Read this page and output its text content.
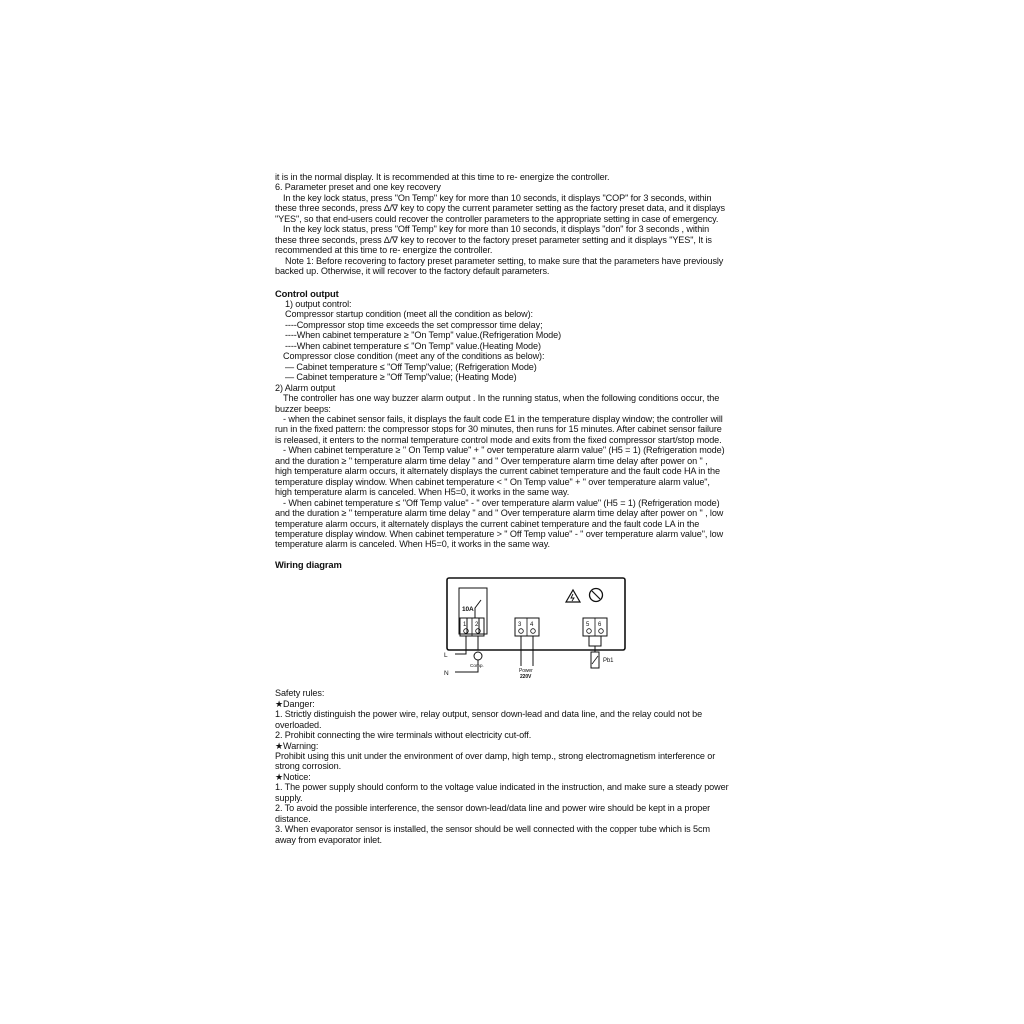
it is in the normal display. It is recommended at this time to re- energize the controller.

6. Parameter preset and one key recovery

In the key lock status, press "On Temp" key for more than 10 seconds, it displays "COP" for 3 seconds, within

these three seconds, press ∆/∇ key to copy the current parameter setting as the factory preset data, and it displays

"YES", so that end-users could recover the controller parameters to the appropriate setting in case of emergency.

In the key lock status, press "Off Temp" key for more than 10 seconds, it displays "don" for 3 seconds , within

these three seconds, press ∆/∇ key to recover to the factory preset parameter setting and it displays "YES", It is

recommended at this time to re- energize the controller.

Note 1: Before recovering to factory preset parameter setting, to make sure that the parameters have previously

backed up. Otherwise, it will recover to the factory default parameters.

Control output

1) output control:

Compressor startup condition (meet all the condition as below):

----Compressor stop time exceeds the set compressor time delay;

----When cabinet temperature ≥ "On Temp" value.(Refrigeration Mode)

----When cabinet temperature ≤ "On Temp" value.(Heating Mode)

Compressor close condition (meet any of the conditions as below):

— Cabinet temperature ≤ "Off Temp"value; (Refrigeration Mode)

— Cabinet temperature ≥ "Off Temp"value; (Heating Mode)

2) Alarm output

The controller has one way buzzer alarm output . In the running status, when the following conditions occur, the

buzzer beeps:

- when the cabinet sensor fails, it displays the fault code E1 in the temperature display window; the controller will

run in the fixed pattern: the compressor stops for 30 minutes, then runs for 15 minutes. After cabinet sensor failure

is released, it enters to the normal temperature control mode and exits from the fixed compressor start/stop mode.

- When cabinet temperature ≥ " On Temp value" + " over temperature alarm value" (H5 = 1) (Refrigeration mode)

and the duration ≥ " temperature alarm time delay " and " Over temperature alarm time delay after power on " ,

high temperature alarm occurs, it alternately displays the current cabinet temperature and the fault code HA in the

temperature display window. When cabinet temperature < " On Temp value" + " over temperature alarm value",

high temperature alarm is canceled. When H5=0, it works in the same way.

- When cabinet temperature ≤ "Off Temp value" - " over temperature alarm value" (H5 = 1) (Refrigeration mode)

and the duration ≥ " temperature alarm time delay " and " Over temperature alarm time delay after power on " , low

temperature alarm occurs, it alternately displays the current cabinet temperature and the fault code LA in the

temperature display window. When cabinet temperature > " Off Temp value" - " over temperature alarm value", low

temperature alarm is canceled. When H5=0, it works in the same way.

Wiring diagram

10A
1 2	3 4	5 6
L
N
Comp.
Power
220V
Pb1

Safety rules:

★Danger:

1. Strictly distinguish the power wire, relay output, sensor down-lead and data line, and the relay could not be

overloaded.

2. Prohibit connecting the wire terminals without electricity cut-off.

★Warning:

Prohibit using this unit under the environment of over damp, high temp., strong electromagnetism interference or

strong corrosion.

★Notice:

1. The power supply should conform to the voltage value indicated in the instruction, and make sure a steady power

supply.

2. To avoid the possible interference, the sensor down-lead/data line and power wire should be kept in a proper

distance.

3. When evaporator sensor is installed, the sensor should be well connected with the copper tube which is 5cm

away from evaporator inlet.
